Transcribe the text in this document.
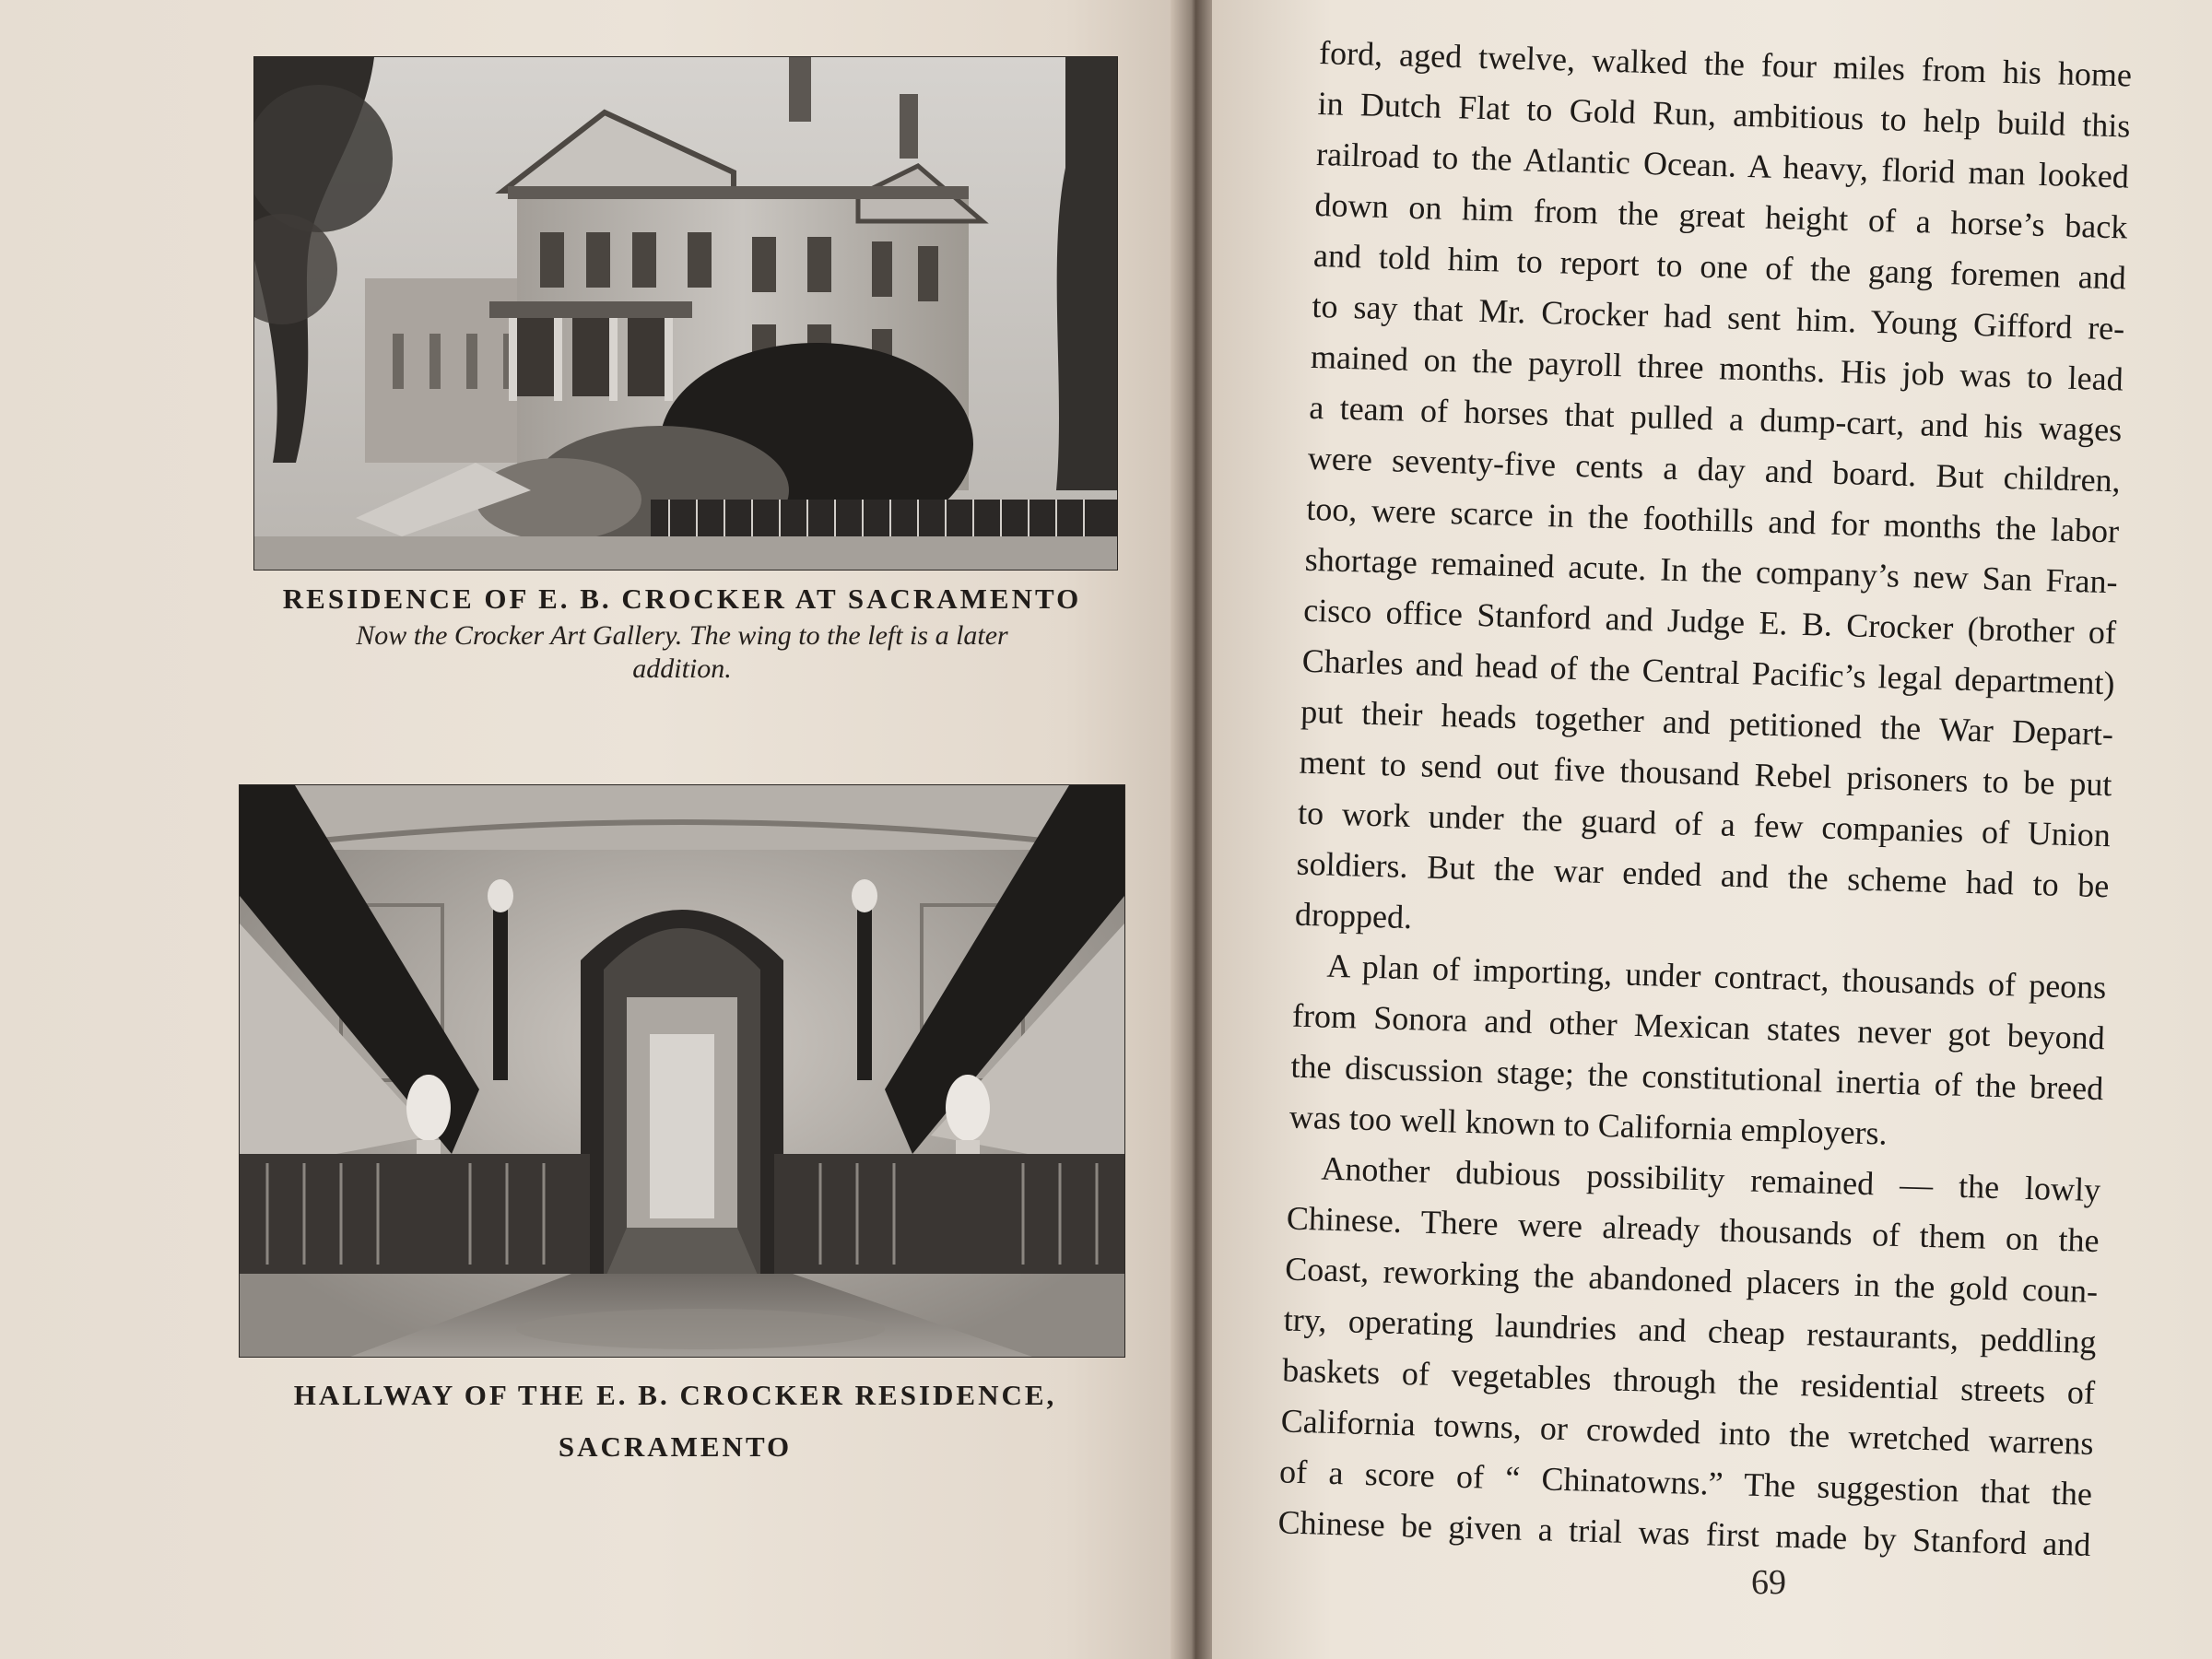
RESIDENCE OF E. B. CROCKER AT SACRAMENTO
Now the Crocker Art Gallery. The wing to the left is a later addition.
HALLWAY OF THE E. B. CROCKER RESIDENCE,
SACRAMENTO
ford, aged twelve, walked the four miles from his home
in Dutch Flat to Gold Run, ambitious to help build this
railroad to the Atlantic Ocean. A heavy, florid man looked
down on him from the great height of a horse’s back
and told him to report to one of the gang foremen and
to say that Mr. Crocker had sent him. Young Gifford re-
mained on the payroll three months. His job was to lead
a team of horses that pulled a dump-cart, and his wages
were seventy-five cents a day and board. But children,
too, were scarce in the foothills and for months the labor
shortage remained acute. In the company’s new San Fran-
cisco office Stanford and Judge E. B. Crocker (brother of
Charles and head of the Central Pacific’s legal department)
put their heads together and petitioned the War Depart-
ment to send out five thousand Rebel prisoners to be put
to work under the guard of a few companies of Union
soldiers. But the war ended and the scheme had to be
dropped.
A plan of importing, under contract, thousands of peons
from Sonora and other Mexican states never got beyond
the discussion stage; the constitutional inertia of the breed
was too well known to California employers.
Another dubious possibility remained — the lowly
Chinese. There were already thousands of them on the
Coast, reworking the abandoned placers in the gold coun-
try, operating laundries and cheap restaurants, peddling
baskets of vegetables through the residential streets of
California towns, or crowded into the wretched warrens
of a score of “ Chinatowns.” The suggestion that the
Chinese be given a trial was first made by Stanford and
69
